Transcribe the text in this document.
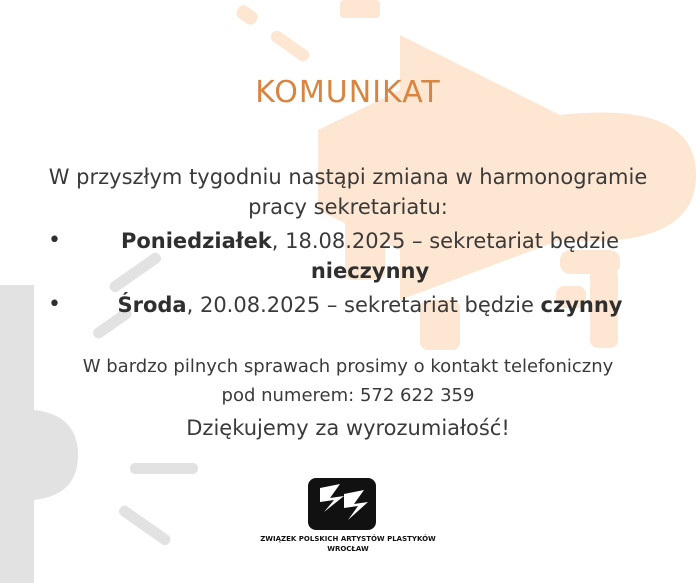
KOMUNIKAT
W przyszłym tygodniu nastąpi zmiana w harmonogramie pracy sekretariatu:
•	Poniedziałek, 18.08.2025 – sekretariat będzie nieczynny
•	Środa, 20.08.2025 – sekretariat będzie czynny
W bardzo pilnych sprawach prosimy o kontakt telefoniczny
pod numerem: 572 622 359
Dziękujemy za wyrozumiałość!
ZWIĄZEK POLSKICH ARTYSTÓW PLASTYKÓW
WROCŁAW
